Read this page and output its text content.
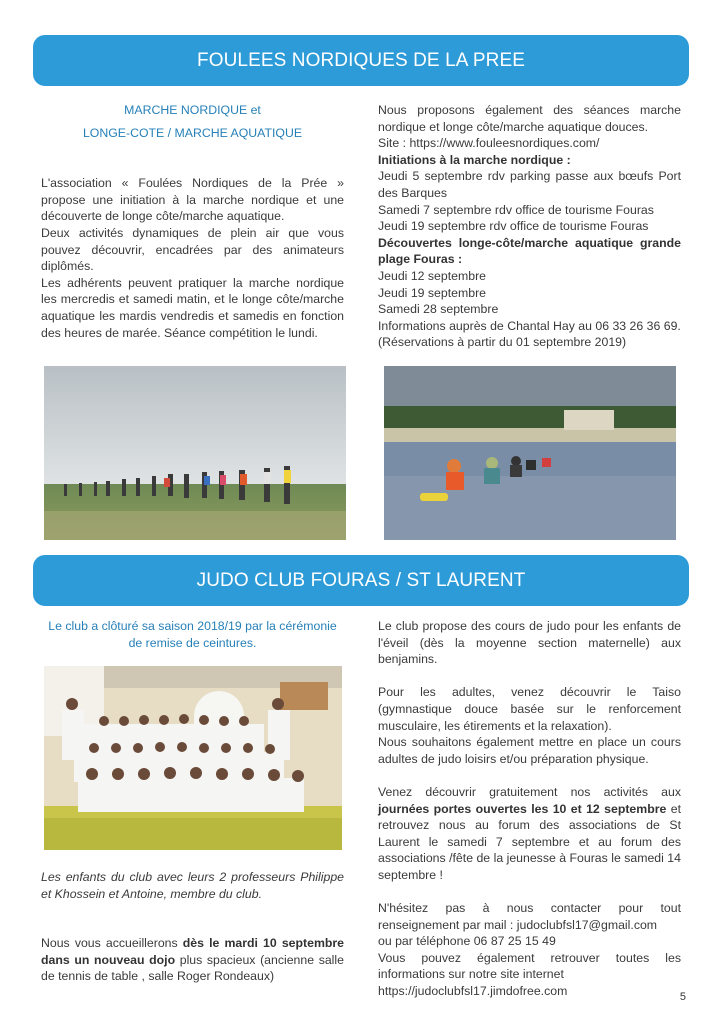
FOULEES NORDIQUES DE LA PREE

MARCHE NORDIQUE et

LONGE-COTE / MARCHE AQUATIQUE

L'association « Foulées Nordiques de la Prée » propose une initiation à la marche nordique et une découverte de longe côte/marche aquatique.

Deux activités dynamiques de plein air que vous pouvez découvrir, encadrées par des animateurs diplômés.

Les adhérents peuvent pratiquer la marche nordique les mercredis et samedi matin, et le longe côte/marche aquatique les mardis vendredis et samedis en fonction des heures de marée. Séance compétition le lundi.

Nous proposons également des séances marche nordique et longe côte/marche aquatique douces.

Site : https://www.fouleesnordiques.com/

Initiations à la marche nordique :

Jeudi 5 septembre rdv parking passe aux bœufs Port des Barques

Samedi 7 septembre rdv office de tourisme Fouras

Jeudi 19 septembre rdv office de tourisme Fouras

Découvertes longe-côte/marche aquatique grande plage Fouras :

Jeudi 12 septembre

Jeudi 19 septembre

Samedi 28 septembre

Informations auprès de Chantal Hay au 06 33 26 36 69.

(Réservations à partir du 01 septembre 2019)

JUDO CLUB FOURAS / ST LAURENT

Le club a clôturé sa saison 2018/19 par la cérémonie de remise de ceintures.

Les enfants du club avec leurs 2 professeurs Philippe et Khossein et Antoine, membre du club.

Nous vous accueillerons dès le mardi 10 septembre dans un nouveau dojo plus spacieux (ancienne salle de tennis de table , salle Roger Rondeaux)

Le club propose des cours de judo pour les enfants de l'éveil (dès la moyenne section maternelle) aux benjamins.

Pour les adultes, venez découvrir le Taiso (gymnastique douce basée sur le renforcement musculaire, les étirements et la relaxation).

Nous souhaitons également mettre en place un cours adultes de judo loisirs et/ou préparation physique.

Venez découvrir gratuitement nos activités aux journées portes ouvertes les 10 et 12 septembre et retrouvez nous au forum des associations de St Laurent le samedi 7 septembre et au forum des associations /fête de la jeunesse à Fouras le samedi 14 septembre !

N'hésitez pas à nous contacter pour tout renseignement par mail : judoclubfsl17@gmail.com

ou par téléphone 06 87 25 15 49

Vous pouvez également retrouver toutes les informations sur notre site internet

https://judoclubfsl17.jimdofree.com	5
